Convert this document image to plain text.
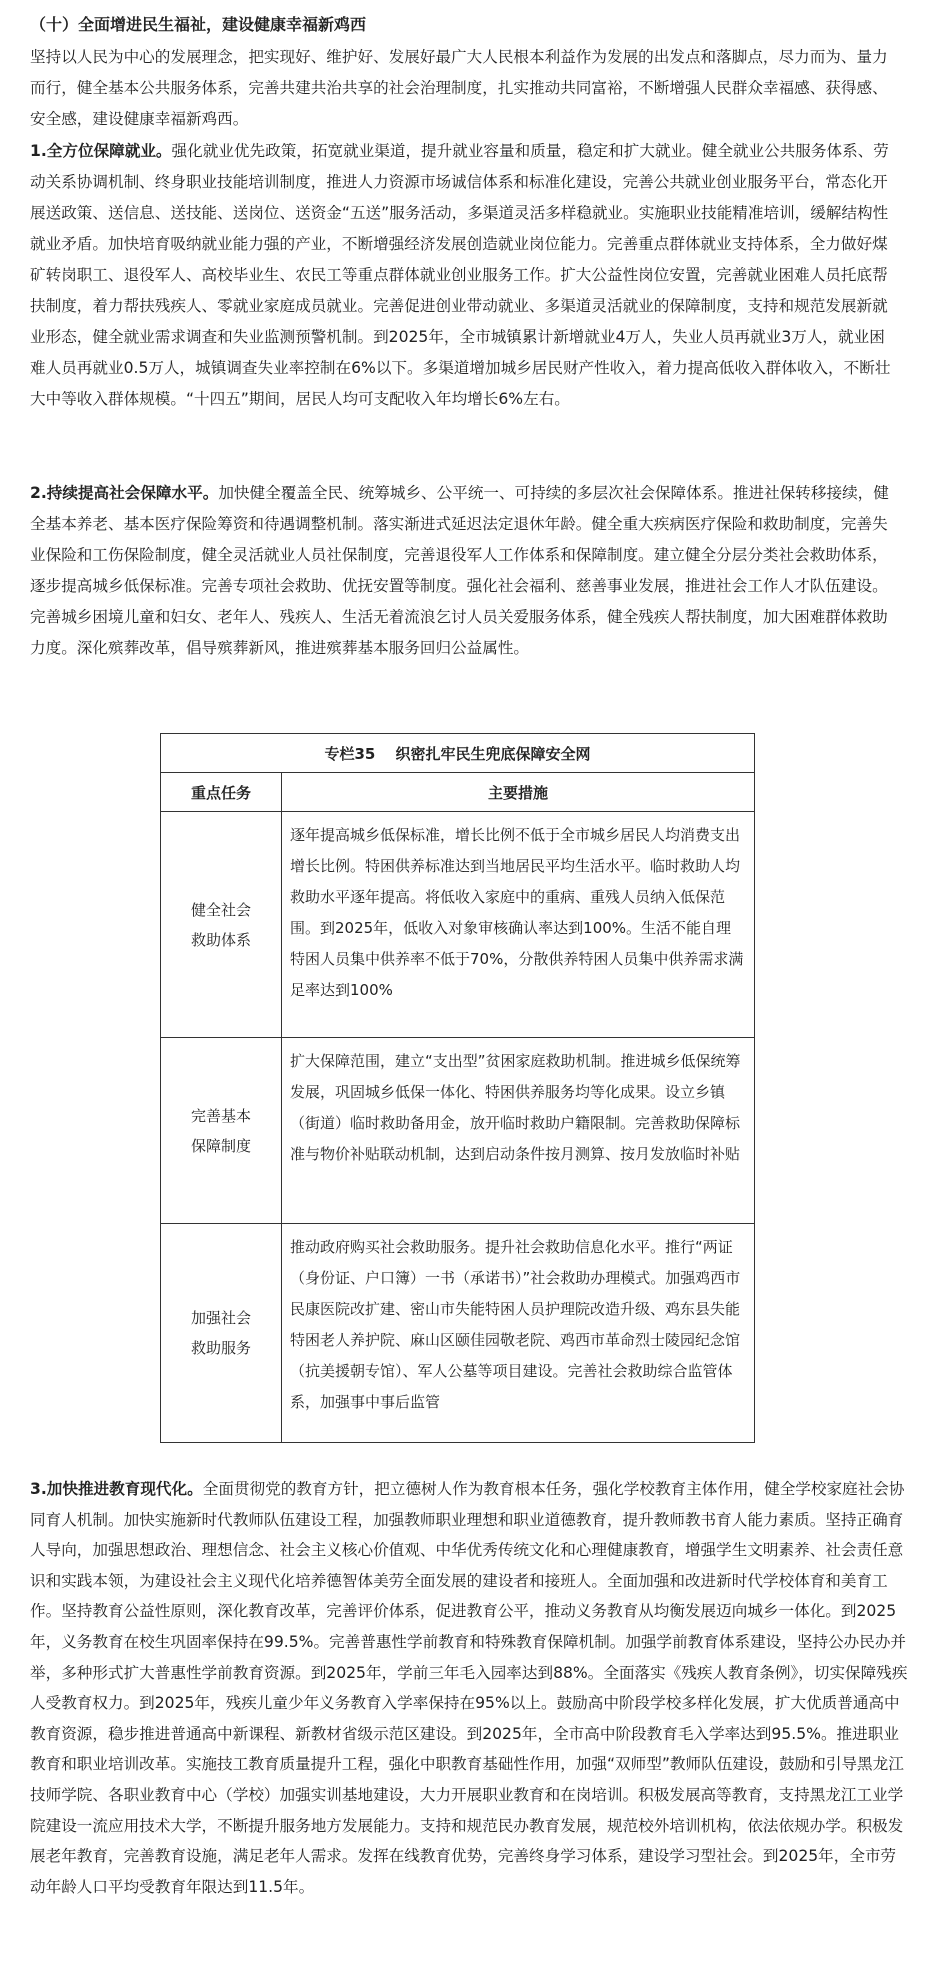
（十）全面增进民生福祉，建设健康幸福新鸡西

坚持以人民为中心的发展理念，把实现好、维护好、发展好最广大人民根本利益作为发展的出发点和落脚点，尽力而为、量力而行，健全基本公共服务体系，完善共建共治共享的社会治理制度，扎实推动共同富裕，不断增强人民群众幸福感、获得感、安全感，建设健康幸福新鸡西。

1.全方位保障就业。强化就业优先政策，拓宽就业渠道，提升就业容量和质量，稳定和扩大就业。健全就业公共服务体系、劳动关系协调机制、终身职业技能培训制度，推进人力资源市场诚信体系和标准化建设，完善公共就业创业服务平台，常态化开展送政策、送信息、送技能、送岗位、送资金“五送”服务活动，多渠道灵活多样稳就业。实施职业技能精准培训，缓解结构性就业矛盾。加快培育吸纳就业能力强的产业，不断增强经济发展创造就业岗位能力。完善重点群体就业支持体系，全力做好煤矿转岗职工、退役军人、高校毕业生、农民工等重点群体就业创业服务工作。扩大公益性岗位安置，完善就业困难人员托底帮扶制度，着力帮扶残疾人、零就业家庭成员就业。完善促进创业带动就业、多渠道灵活就业的保障制度，支持和规范发展新就业形态，健全就业需求调查和失业监测预警机制。到2025年，全市城镇累计新增就业4万人，失业人员再就业3万人，就业困难人员再就业0.5万人，城镇调查失业率控制在6%以下。多渠道增加城乡居民财产性收入，着力提高低收入群体收入，不断壮大中等收入群体规模。“十四五”期间，居民人均可支配收入年均增长6%左右。

2.持续提高社会保障水平。加快健全覆盖全民、统筹城乡、公平统一、可持续的多层次社会保障体系。推进社保转移接续，健全基本养老、基本医疗保险筹资和待遇调整机制。落实渐进式延迟法定退休年龄。健全重大疾病医疗保险和救助制度，完善失业保险和工伤保险制度，健全灵活就业人员社保制度，完善退役军人工作体系和保障制度。建立健全分层分类社会救助体系，逐步提高城乡低保标准。完善专项社会救助、优抚安置等制度。强化社会福利、慈善事业发展，推进社会工作人才队伍建设。完善城乡困境儿童和妇女、老年人、残疾人、生活无着流浪乞讨人员关爱服务体系，健全残疾人帮扶制度，加大困难群体救助力度。深化殡葬改革，倡导殡葬新风，推进殡葬基本服务回归公益属性。

专栏35　 织密扎牢民生兜底保障安全网	
重点任务	主要措施
健全社会救助体系	逐年提高城乡低保标准，增长比例不低于全市城乡居民人均消费支出增长比例。特困供养标准达到当地居民平均生活水平。临时救助人均救助水平逐年提高。将低收入家庭中的重病、重残人员纳入低保范围。到2025年，低收入对象审核确认率达到100%。生活不能自理特困人员集中供养率不低于70%，分散供养特困人员集中供养需求满足率达到100%
完善基本保障制度	扩大保障范围，建立“支出型”贫困家庭救助机制。推进城乡低保统筹发展，巩固城乡低保一体化、特困供养服务均等化成果。设立乡镇（街道）临时救助备用金，放开临时救助户籍限制。完善救助保障标准与物价补贴联动机制，达到启动条件按月测算、按月发放临时补贴
加强社会救助服务	推动政府购买社会救助服务。提升社会救助信息化水平。推行“两证（身份证、户口簿）一书（承诺书）”社会救助办理模式。加强鸡西市民康医院改扩建、密山市失能特困人员护理院改造升级、鸡东县失能特困老人养护院、麻山区颐佳园敬老院、鸡西市革命烈士陵园纪念馆（抗美援朝专馆）、军人公墓等项目建设。完善社会救助综合监管体系，加强事中事后监管

3.加快推进教育现代化。全面贯彻党的教育方针，把立德树人作为教育根本任务，强化学校教育主体作用，健全学校家庭社会协同育人机制。加快实施新时代教师队伍建设工程，加强教师职业理想和职业道德教育，提升教师教书育人能力素质。坚持正确育人导向，加强思想政治、理想信念、社会主义核心价值观、中华优秀传统文化和心理健康教育，增强学生文明素养、社会责任意识和实践本领，为建设社会主义现代化培养德智体美劳全面发展的建设者和接班人。全面加强和改进新时代学校体育和美育工作。坚持教育公益性原则，深化教育改革，完善评价体系，促进教育公平，推动义务教育从均衡发展迈向城乡一体化。到2025年，义务教育在校生巩固率保持在99.5%。完善普惠性学前教育和特殊教育保障机制。加强学前教育体系建设，坚持公办民办并举，多种形式扩大普惠性学前教育资源。到2025年，学前三年毛入园率达到88%。全面落实《残疾人教育条例》，切实保障残疾人受教育权力。到2025年，残疾儿童少年义务教育入学率保持在95%以上。鼓励高中阶段学校多样化发展，扩大优质普通高中教育资源，稳步推进普通高中新课程、新教材省级示范区建设。到2025年，全市高中阶段教育毛入学率达到95.5%。推进职业教育和职业培训改革。实施技工教育质量提升工程，强化中职教育基础性作用，加强“双师型”教师队伍建设，鼓励和引导黑龙江技师学院、各职业教育中心（学校）加强实训基地建设，大力开展职业教育和在岗培训。积极发展高等教育，支持黑龙江工业学院建设一流应用技术大学，不断提升服务地方发展能力。支持和规范民办教育发展，规范校外培训机构，依法依规办学。积极发展老年教育，完善教育设施，满足老年人需求。发挥在线教育优势，完善终身学习体系，建设学习型社会。到2025年，全市劳动年龄人口平均受教育年限达到11.5年。
